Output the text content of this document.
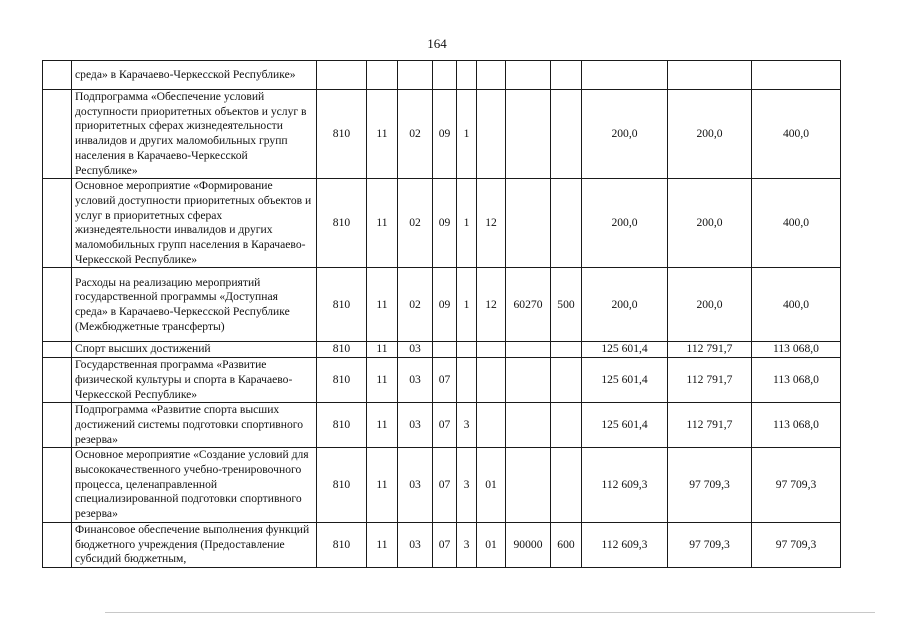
164
	среда» в Карачаево-Черкесской Республике»											
	Подпрограмма «Обеспечение условий доступности приоритетных объектов и услуг в приоритетных сферах жизнедеятельности инвалидов и других маломобильных групп населения в Карачаево-Черкесской Республике»	810	11	02	09	1				200,0	200,0	400,0
	Основное мероприятие «Формирование условий доступности приоритетных объектов и услуг в приоритетных сферах жизнедеятельности инвалидов и других маломобильных групп населения в Карачаево-Черкесской Республике»	810	11	02	09	1	12			200,0	200,0	400,0
	Расходы на реализацию мероприятий государственной программы «Доступная среда» в Карачаево-Черкесской Республике (Межбюджетные трансферты)	810	11	02	09	1	12	60270	500	200,0	200,0	400,0
	Спорт высших достижений	810	11	03						125 601,4	112 791,7	113 068,0
	Государственная программа «Развитие физической культуры и спорта в Карачаево-Черкесской Республике»	810	11	03	07					125 601,4	112 791,7	113 068,0
	Подпрограмма «Развитие спорта высших достижений системы подготовки спортивного резерва»	810	11	03	07	3				125 601,4	112 791,7	113 068,0
	Основное мероприятие «Создание условий для высококачественного учебно-тренировочного процесса, целенаправленной специализированной подготовки спортивного резерва»	810	11	03	07	3	01			112 609,3	97 709,3	97 709,3
	Финансовое обеспечение выполнения функций бюджетного учреждения (Предоставление субсидий бюджетным,	810	11	03	07	3	01	90000	600	112 609,3	97 709,3	97 709,3
